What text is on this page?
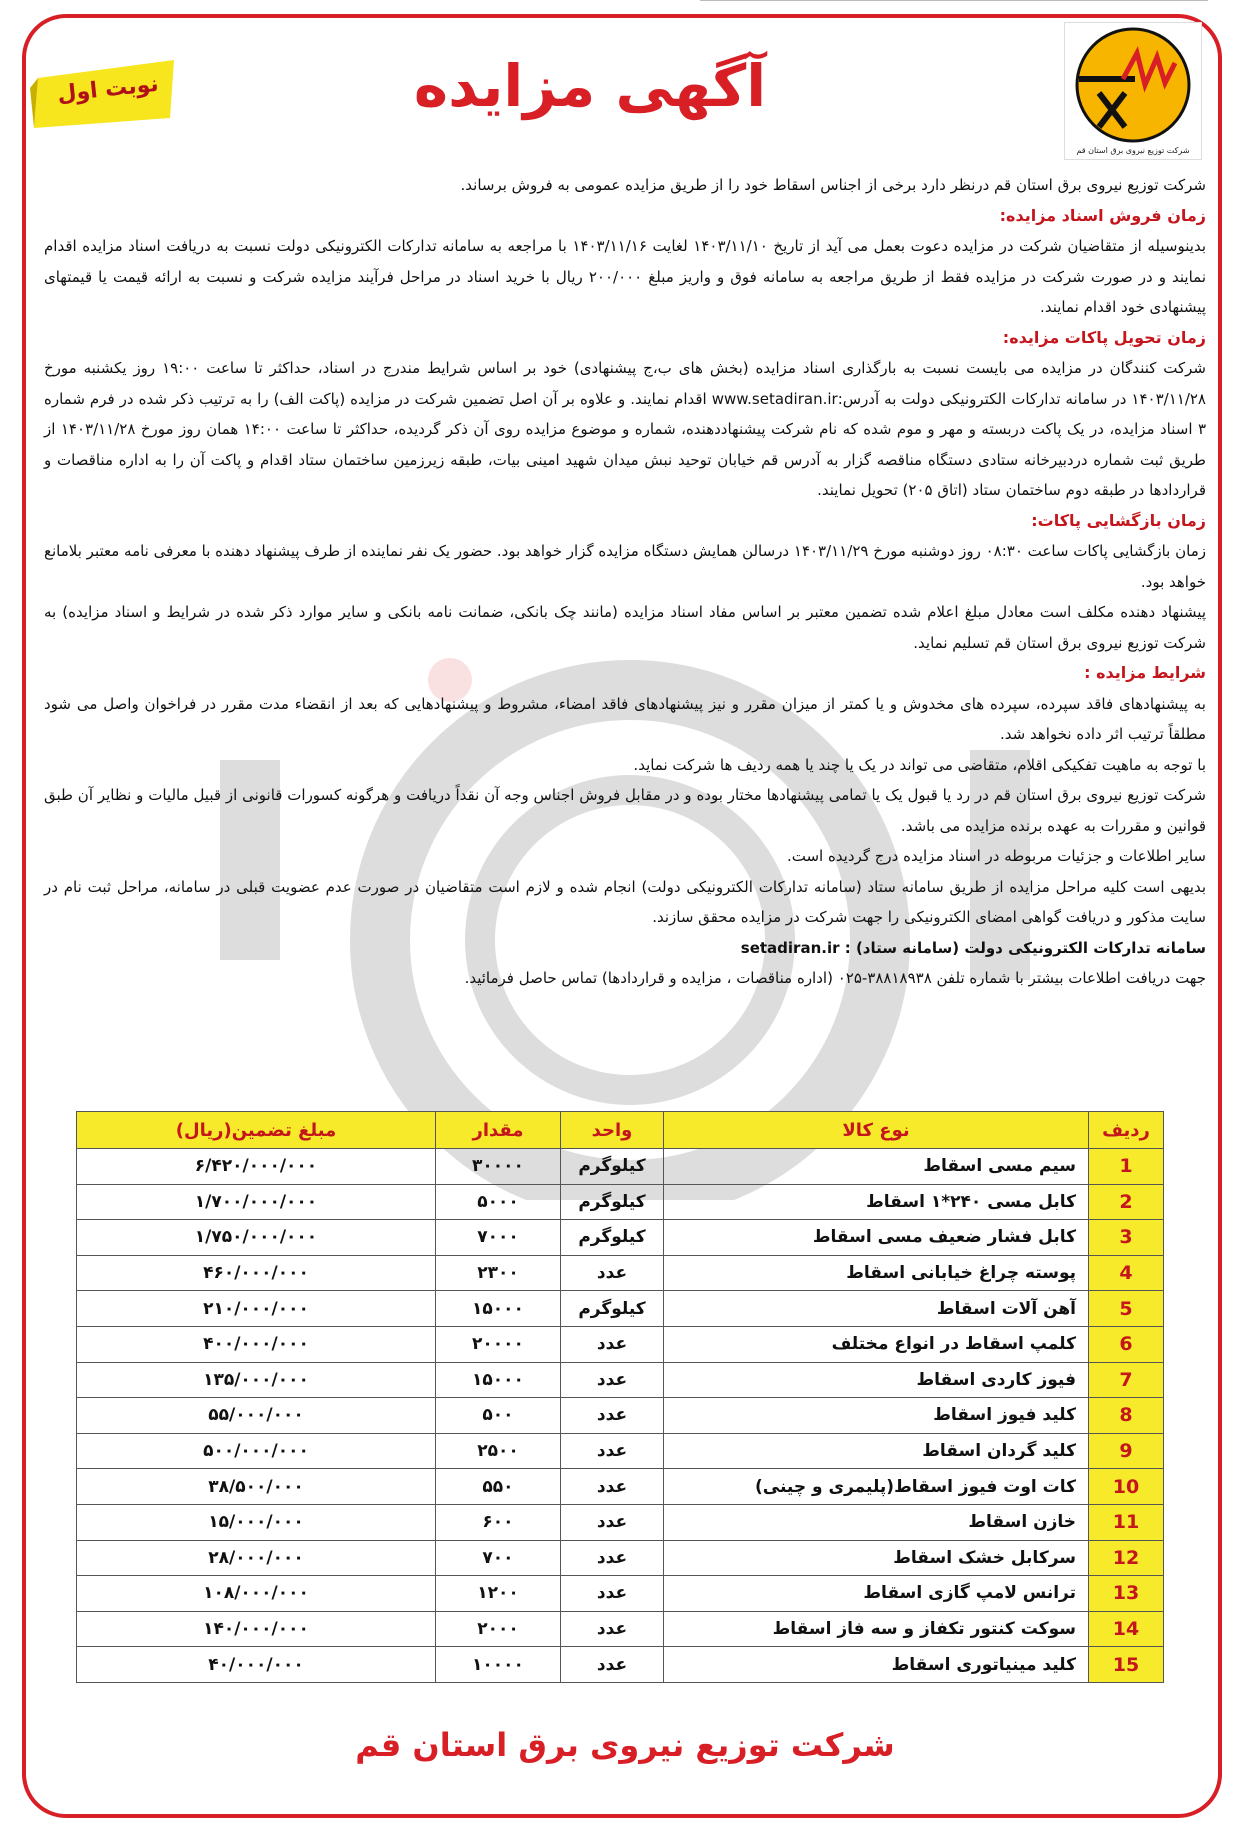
شرکت توزیع نیروی برق استان قم
نوبت اول	آگهی مزایده

شرکت توزیع نیروی برق استان قم درنظر دارد برخی از اجناس اسقاط خود را از طریق مزایده عمومی به فروش برساند.

زمان فروش اسناد مزایده:

بدینوسیله از متقاضیان شرکت در مزایده دعوت بعمل می آید از تاریخ ۱۴۰۳/۱۱/۱۰ لغایت ۱۴۰۳/۱۱/۱۶ با مراجعه به سامانه تدارکات الکترونیکی دولت نسبت به دریافت اسناد مزایده اقدام نمایند و در صورت شرکت در مزایده فقط از طریق مراجعه به سامانه فوق و واریز مبلغ ۲۰۰/۰۰۰ ریال با خرید اسناد در مراحل فرآیند مزایده شرکت و نسبت به ارائه قیمت یا قیمتهای پیشنهادی خود اقدام نمایند.

زمان تحویل پاکات مزایده:

شرکت کنندگان در مزایده می بایست نسبت به بارگذاری اسناد مزایده (بخش های ب،ج پیشنهادی) خود بر اساس شرایط مندرج در اسناد، حداکثر تا ساعت ۱۹:۰۰ روز یکشنبه مورخ ۱۴۰۳/۱۱/۲۸ در سامانه تدارکات الکترونیکی دولت به آدرس:www.setadiran.ir اقدام نمایند. و علاوه بر آن اصل تضمین شرکت در مزایده (پاکت الف) را به ترتیب ذکر شده در فرم شماره ۳ اسناد مزایده، در یک پاکت دربسته و مهر و موم شده که نام شرکت پیشنهاددهنده، شماره و موضوع مزایده روی آن ذکر گردیده، حداکثر تا ساعت ۱۴:۰۰ همان روز مورخ ۱۴۰۳/۱۱/۲۸ از طریق ثبت شماره دردبیرخانه ستادی دستگاه مناقصه گزار به آدرس قم خیابان توحید نبش میدان شهید امینی بیات، طبقه زیرزمین ساختمان ستاد اقدام و پاکت آن را به اداره مناقصات و قراردادها در طبقه دوم ساختمان ستاد (اتاق ۲۰۵) تحویل نمایند.

زمان بازگشایی پاکات:

زمان بازگشایی پاکات ساعت ۰۸:۳۰ روز دوشنبه مورخ ۱۴۰۳/۱۱/۲۹ درسالن همایش دستگاه مزایده گزار خواهد بود. حضور یک نفر نماینده از طرف پیشنهاد دهنده با معرفی نامه معتبر بلامانع خواهد بود.

پیشنهاد دهنده مکلف است معادل مبلغ اعلام شده تضمین معتبر بر اساس مفاد اسناد مزایده (مانند چک بانکی، ضمانت نامه بانکی و سایر موارد ذکر شده در شرایط و اسناد مزایده) به شرکت توزیع نیروی برق استان قم تسلیم نماید.

شرایط مزایده :

به پیشنهادهای فاقد سپرده، سپرده های مخدوش و یا کمتر از میزان مقرر و نیز پیشنهادهای فاقد امضاء، مشروط و پیشنهادهایی که بعد از انقضاء مدت مقرر در فراخوان واصل می شود مطلقاً ترتیب اثر داده نخواهد شد.

با توجه به ماهیت تفکیکی اقلام، متقاضی می تواند در یک یا چند یا همه ردیف ها شرکت نماید.

شرکت توزیع نیروی برق استان قم در رد یا قبول یک یا تمامی پیشنهادها مختار بوده و در مقابل فروش اجناس وجه آن نقداً دریافت و هرگونه کسورات قانونی از قبیل مالیات و نظایر آن طبق قوانین و مقررات به عهده برنده مزایده می باشد.

سایر اطلاعات و جزئیات مربوطه در اسناد مزایده درج گردیده است.

بدیهی است کلیه مراحل مزایده از طریق سامانه ستاد (سامانه تدارکات الکترونیکی دولت) انجام شده و لازم است متقاضیان در صورت عدم عضویت قبلی در سامانه، مراحل ثبت نام در سایت مذکور و دریافت گواهی امضای الکترونیکی را جهت شرکت در مزایده محقق سازند.

سامانه تدارکات الکترونیکی دولت (سامانه ستاد) : setadiran.ir

جهت دریافت اطلاعات بیشتر با شماره تلفن ۳۸۸۱۸۹۳۸-۰۲۵ (اداره مناقصات ، مزایده و قراردادها) تماس حاصل فرمائید.

ردیف	نوع کالا	واحد	مقدار	مبلغ تضمین(ریال)
1	سیم مسی اسقاط	کیلوگرم	۳۰۰۰۰	۶/۴۲۰/۰۰۰/۰۰۰
2	کابل مسی ۲۴۰*۱ اسقاط	کیلوگرم	۵۰۰۰	۱/۷۰۰/۰۰۰/۰۰۰
3	کابل فشار ضعیف مسی اسقاط	کیلوگرم	۷۰۰۰	۱/۷۵۰/۰۰۰/۰۰۰
4	پوسته چراغ خیابانی اسقاط	عدد	۲۳۰۰	۴۶۰/۰۰۰/۰۰۰
5	آهن آلات اسقاط	کیلوگرم	۱۵۰۰۰	۲۱۰/۰۰۰/۰۰۰
6	کلمپ اسقاط در انواع مختلف	عدد	۲۰۰۰۰	۴۰۰/۰۰۰/۰۰۰
7	فیوز کاردی اسقاط	عدد	۱۵۰۰۰	۱۳۵/۰۰۰/۰۰۰
8	کلید فیوز اسقاط	عدد	۵۰۰	۵۵/۰۰۰/۰۰۰
9	کلید گردان اسقاط	عدد	۲۵۰۰	۵۰۰/۰۰۰/۰۰۰
10	کات اوت فیوز اسقاط(پلیمری و چینی)	عدد	۵۵۰	۳۸/۵۰۰/۰۰۰
11	خازن اسقاط	عدد	۶۰۰	۱۵/۰۰۰/۰۰۰
12	سرکابل خشک اسقاط	عدد	۷۰۰	۲۸/۰۰۰/۰۰۰
13	ترانس لامپ گازی اسقاط	عدد	۱۲۰۰	۱۰۸/۰۰۰/۰۰۰
14	سوکت کنتور تکفاز و سه فاز اسقاط	عدد	۲۰۰۰	۱۴۰/۰۰۰/۰۰۰
15	کلید مینیاتوری اسقاط	عدد	۱۰۰۰۰	۴۰/۰۰۰/۰۰۰
شرکت توزیع نیروی برق استان قم
